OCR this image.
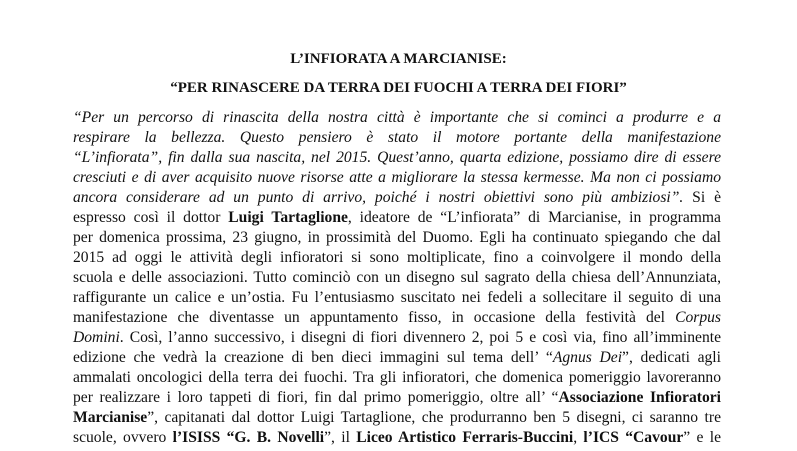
L’INFIORATA A MARCIANISE:
“PER RINASCERE DA TERRA DEI FUOCHI A TERRA DEI FIORI”
“Per un percorso di rinascita della nostra città è importante che si cominci a produrre e a
respirare la bellezza. Questo pensiero è stato il motore portante della manifestazione
“L’infiorata”, fin dalla sua nascita, nel 2015. Quest’anno, quarta edizione, possiamo dire di essere
cresciuti e di aver acquisito nuove risorse atte a migliorare la stessa kermesse. Ma non ci possiamo
ancora considerare ad un punto di arrivo, poiché i nostri obiettivi sono più ambiziosi”. Si è
espresso così il dottor Luigi Tartaglione, ideatore de “L’infiorata” di Marcianise, in programma
per domenica prossima, 23 giugno, in prossimità del Duomo. Egli ha continuato spiegando che dal
2015 ad oggi le attività degli infioratori si sono moltiplicate, fino a coinvolgere il mondo della
scuola e delle associazioni. Tutto cominciò con un disegno sul sagrato della chiesa dell’Annunziata,
raffigurante un calice e un’ostia. Fu l’entusiasmo suscitato nei fedeli a sollecitare il seguito di una
manifestazione che diventasse un appuntamento fisso, in occasione della festività del Corpus
Domini. Così, l’anno successivo, i disegni di fiori divennero 2, poi 5 e così via, fino all’imminente
edizione che vedrà la creazione di ben dieci immagini sul tema dell’ “Agnus Dei”, dedicati agli
ammalati oncologici della terra dei fuochi. Tra gli infioratori, che domenica pomeriggio lavoreranno
per realizzare i loro tappeti di fiori, fin dal primo pomeriggio, oltre all’ “Associazione Infioratori
Marcianise”, capitanati dal dottor Luigi Tartaglione, che produrranno ben 5 disegni, ci saranno tre
scuole, ovvero l’ISISS “G. B. Novelli”, il Liceo Artistico Ferraris-Buccini, l’ICS “Cavour” e le
